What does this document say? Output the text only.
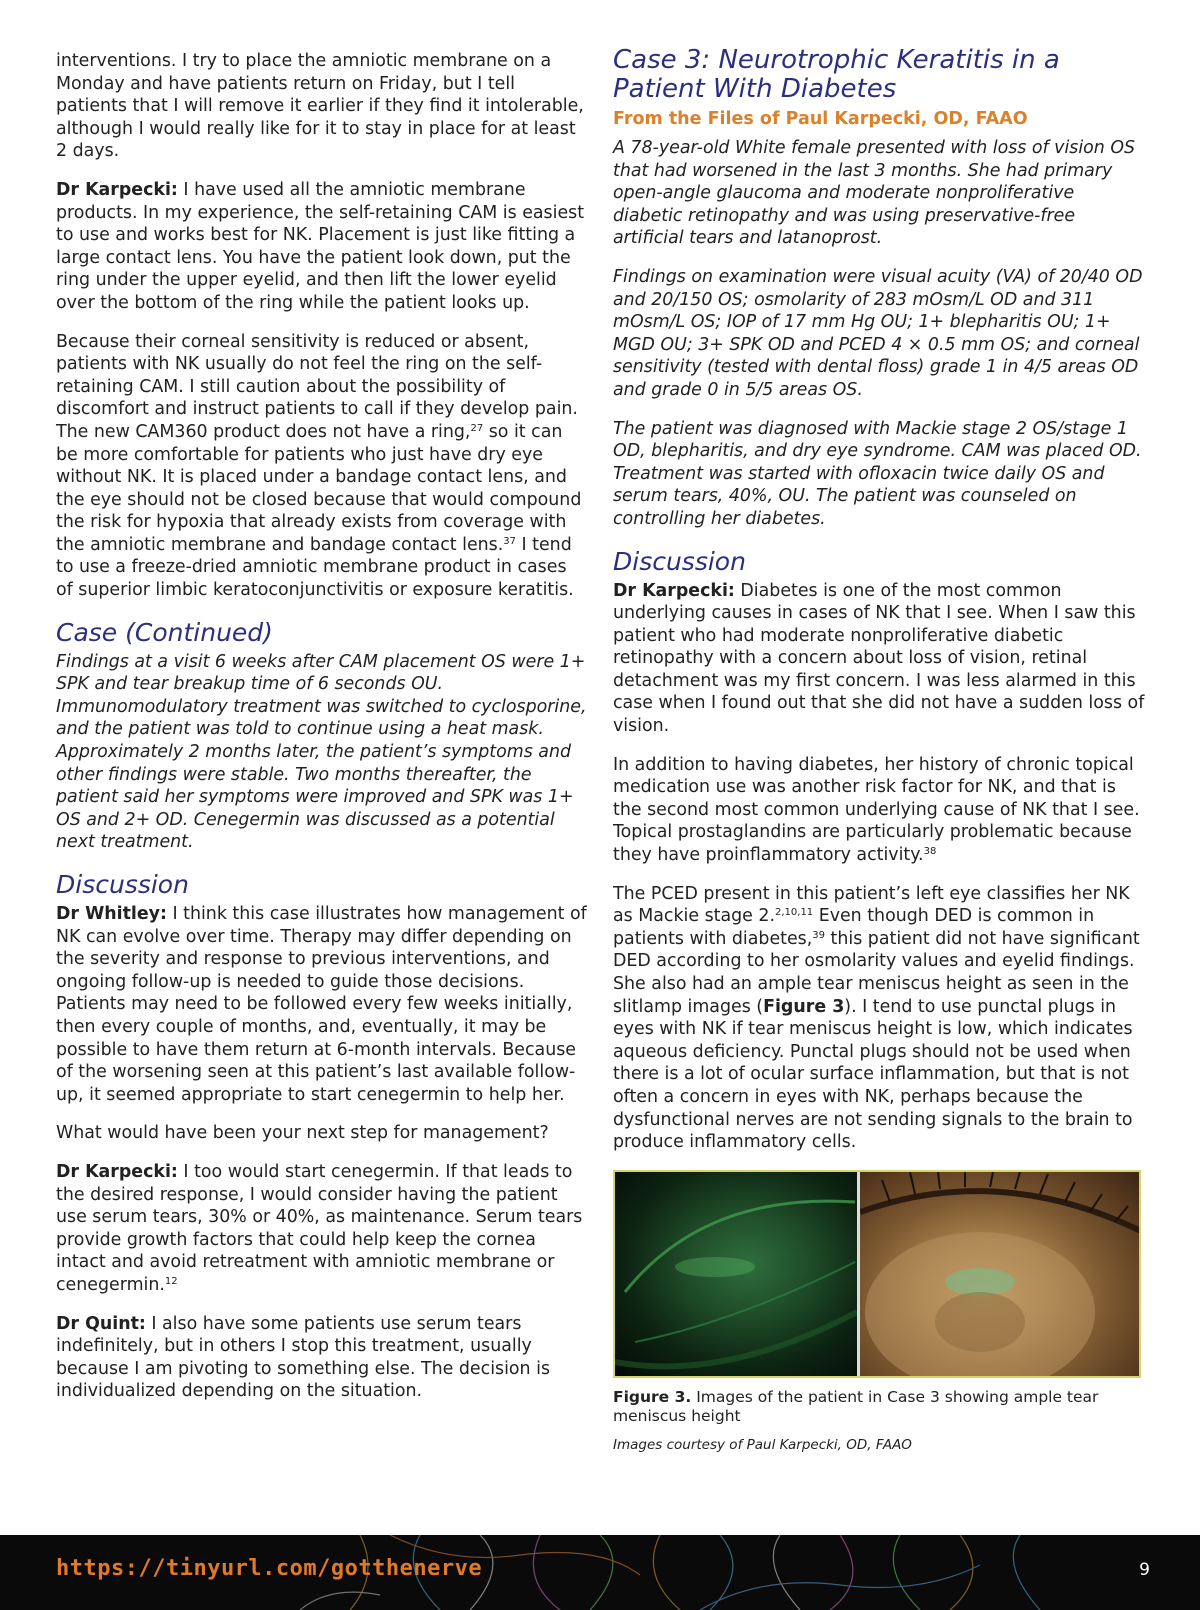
interventions. I try to place the amniotic membrane on a Monday and have patients return on Friday, but I tell patients that I will remove it earlier if they find it intolerable, although I would really like for it to stay in place for at least 2 days.

Dr Karpecki: I have used all the amniotic membrane products. In my experience, the self-retaining CAM is easiest to use and works best for NK. Placement is just like fitting a large contact lens. You have the patient look down, put the ring under the upper eyelid, and then lift the lower eyelid over the bottom of the ring while the patient looks up.

Because their corneal sensitivity is reduced or absent, patients with NK usually do not feel the ring on the self-retaining CAM. I still caution about the possibility of discomfort and instruct patients to call if they develop pain. The new CAM360 product does not have a ring,$^{27}$ so it can be more comfortable for patients who just have dry eye without NK. It is placed under a bandage contact lens, and the eye should not be closed because that would compound the risk for hypoxia that already exists from coverage with the amniotic membrane and bandage contact lens.$^{37}$ I tend to use a freeze-dried amniotic membrane product in cases of superior limbic keratoconjunctivitis or exposure keratitis.

Case (Continued)

Findings at a visit 6 weeks after CAM placement OS were 1+ SPK and tear breakup time of 6 seconds OU. Immunomodulatory treatment was switched to cyclosporine, and the patient was told to continue using a heat mask. Approximately 2 months later, the patient’s symptoms and other findings were stable. Two months thereafter, the patient said her symptoms were improved and SPK was 1+ OS and 2+ OD. Cenegermin was discussed as a potential next treatment.

Discussion

Dr Whitley: I think this case illustrates how management of NK can evolve over time. Therapy may differ depending on the severity and response to previous interventions, and ongoing follow-up is needed to guide those decisions. Patients may need to be followed every few weeks initially, then every couple of months, and, eventually, it may be possible to have them return at 6-month intervals. Because of the worsening seen at this patient’s last available follow-up, it seemed appropriate to start cenegermin to help her.

What would have been your next step for management?

Dr Karpecki: I too would start cenegermin. If that leads to the desired response, I would consider having the patient use serum tears, 30% or 40%, as maintenance. Serum tears provide growth factors that could help keep the cornea intact and avoid retreatment with amniotic membrane or cenegermin.$^{12}$

Dr Quint: I also have some patients use serum tears indefinitely, but in others I stop this treatment, usually because I am pivoting to something else. The decision is individualized depending on the situation.

Case 3: Neurotrophic Keratitis in a Patient With Diabetes
From the Files of Paul Karpecki, OD, FAAO

A 78-year-old White female presented with loss of vision OS that had worsened in the last 3 months. She had primary open-angle glaucoma and moderate nonproliferative diabetic retinopathy and was using preservative-free artificial tears and latanoprost.

Findings on examination were visual acuity (VA) of 20/40 OD and 20/150 OS; osmolarity of 283 mOsm/L OD and 311 mOsm/L OS; IOP of 17 mm Hg OU; 1+ blepharitis OU; 1+ MGD OU; 3+ SPK OD and PCED 4 × 0.5 mm OS; and corneal sensitivity (tested with dental floss) grade 1 in 4/5 areas OD and grade 0 in 5/5 areas OS.

The patient was diagnosed with Mackie stage 2 OS/stage 1 OD, blepharitis, and dry eye syndrome. CAM was placed OD. Treatment was started with ofloxacin twice daily OS and serum tears, 40%, OU. The patient was counseled on controlling her diabetes.

Discussion

Dr Karpecki: Diabetes is one of the most common underlying causes in cases of NK that I see. When I saw this patient who had moderate nonproliferative diabetic retinopathy with a concern about loss of vision, retinal detachment was my first concern. I was less alarmed in this case when I found out that she did not have a sudden loss of vision.

In addition to having diabetes, her history of chronic topical medication use was another risk factor for NK, and that is the second most common underlying cause of NK that I see. Topical prostaglandins are particularly problematic because they have proinflammatory activity.$^{38}$

The PCED present in this patient’s left eye classifies her NK as Mackie stage 2.$^{2,10,11}$ Even though DED is common in patients with diabetes,$^{39}$ this patient did not have significant DED according to her osmolarity values and eyelid findings. She also had an ample tear meniscus height as seen in the slitlamp images (Figure 3). I tend to use punctal plugs in eyes with NK if tear meniscus height is low, which indicates aqueous deficiency. Punctal plugs should not be used when there is a lot of ocular surface inflammation, but that is not often a concern in eyes with NK, perhaps because the dysfunctional nerves are not sending signals to the brain to produce inflammatory cells.

Figure 3. Images of the patient in Case 3 showing ample tear meniscus height

Images courtesy of Paul Karpecki, OD, FAAO

https://tinyurl.com/gotthenerve	9
